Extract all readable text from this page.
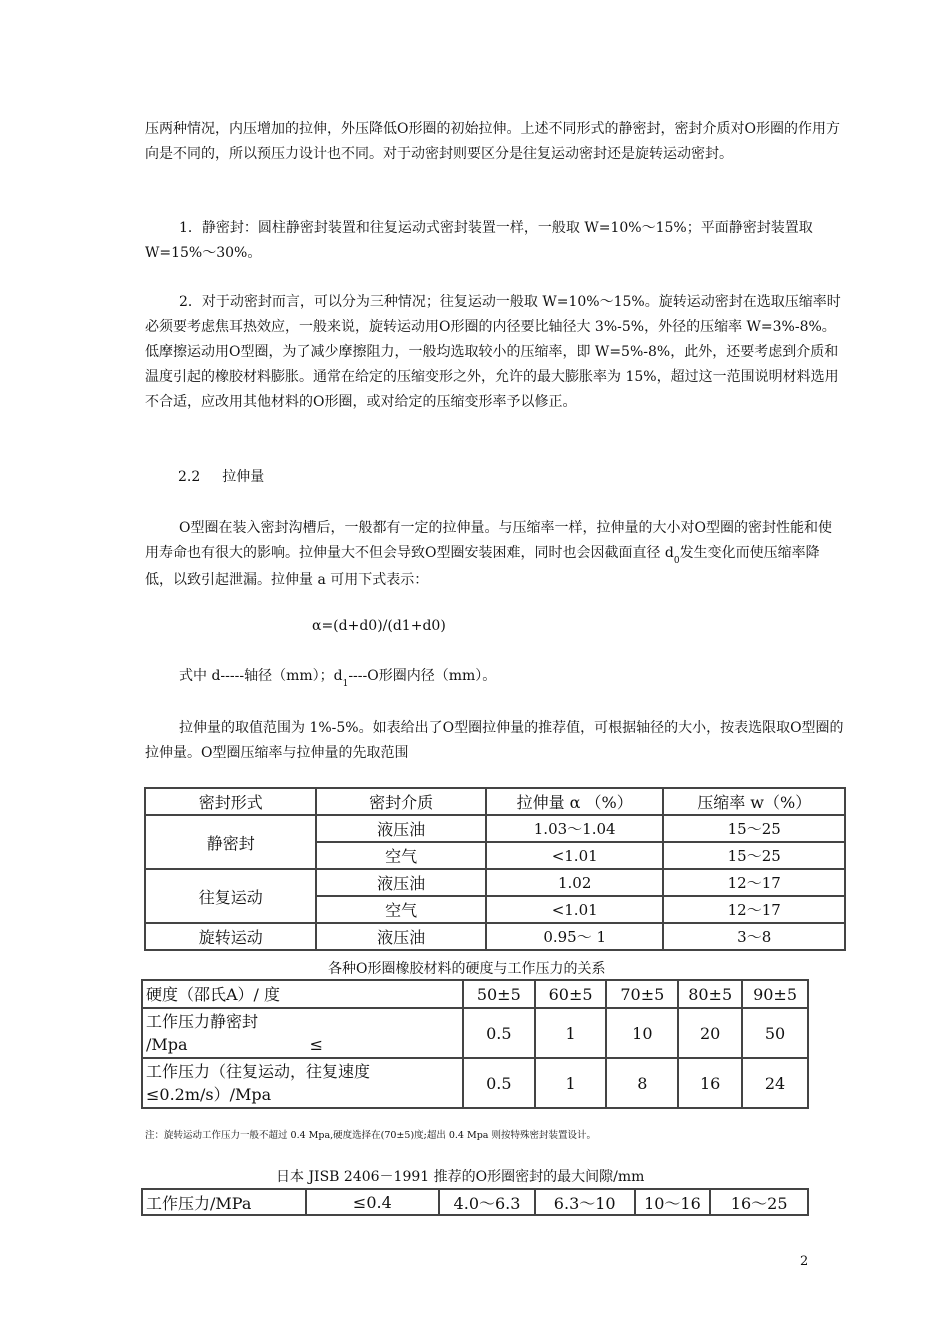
压两种情况，内压增加的拉伸，外压降低O形圈的初始拉伸。上述不同形式的静密封，密封介质对O形圈的作用方向是不同的，所以预压力设计也不同。对于动密封则要区分是往复运动密封还是旋转运动密封。

1．静密封：圆柱静密封装置和往复运动式密封装置一样，一般取 W=10%～15%；平面静密封装置取 W=15%～30%。

2．对于动密封而言，可以分为三种情况；往复运动一般取 W=10%～15%。旋转运动密封在选取压缩率时必须要考虑焦耳热效应，一般来说，旋转运动用O形圈的内径要比轴径大 3%-5%，外径的压缩率 W=3%-8%。低摩擦运动用O型圈，为了减少摩擦阻力，一般均选取较小的压缩率，即 W=5%-8%，此外，还要考虑到介质和温度引起的橡胶材料膨胀。通常在给定的压缩变形之外，允许的最大膨胀率为 15%，超过这一范围说明材料选用不合适，应改用其他材料的O形圈，或对给定的压缩变形率予以修正。

2.2 拉伸量

O型圈在装入密封沟槽后，一般都有一定的拉伸量。与压缩率一样，拉伸量的大小对O型圈的密封性能和使用寿命也有很大的影响。拉伸量大不但会导致O型圈安装困难，同时也会因截面直径 $d_0$发生变化而使压缩率降低，以致引起泄漏。拉伸量 a 可用下式表示：

α=(d+d0)/(d1+d0)

式中 d-----轴径（mm）；$d_1----O$形圈内径（mm）。

拉伸量的取值范围为 1%-5%。如表给出了O型圈拉伸量的推荐值，可根据轴径的大小，按表选限取O型圈的拉伸量。O型圈压缩率与拉伸量的先取范围

密封形式	密封介质	拉伸量 α （%）	压缩率 w（%）
静密封	液压油	1.03～1.04	15～25
	空气	<1.01	15～25
往复运动	液压油	1.02	12～17
	空气	<1.01	12～17
旋转运动	液压油	0.95～ 1	3～8
各种O形圈橡胶材料的硬度与工作压力的关系
硬度（邵氏A）/ 度	50±5	60±5	70±5	80±5	90±5

工作压力静密封
/Mpa ≤	0.5	1	10	20	50

工作压力（往复运动，往复速度
≤0.2m/s）/Mpa	0.5	1	8	16	24
注：旋转运动工作压力一般不超过 0.4 Mpa,硬度选择在(70±5)度;超出 0.4 Mpa 则按特殊密封装置设计。
日本 JISB 2406－1991 推荐的O形圈密封的最大间隙/mm
工作压力/MPa	≤0.4	4.0～6.3	6.3～10	10～16	16～25
2
